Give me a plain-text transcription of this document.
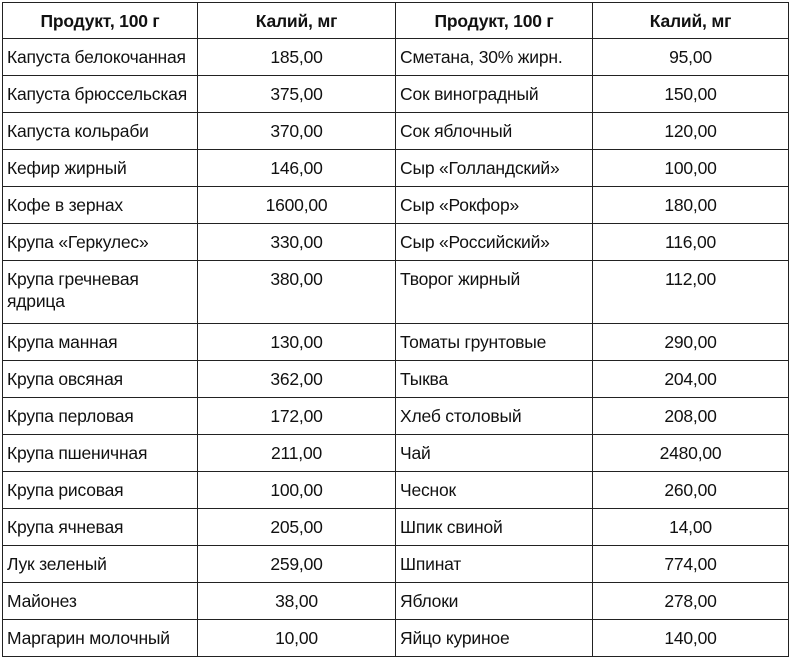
Продукт, 100 г	Калий, мг	Продукт, 100 г	Калий, мг
Капуста белокочанная	185,00	Сметана, 30% жирн.	95,00
Капуста брюссельская	375,00	Сок виноградный	150,00
Капуста кольраби	370,00	Сок яблочный	120,00
Кефир жирный	146,00	Сыр «Голландский»	100,00
Кофе в зернах	1600,00	Сыр «Рокфор»	180,00
Крупа «Геркулес»	330,00	Сыр «Российский»	116,00
Крупа гречневая ядрица	380,00	Творог жирный	112,00
Крупа манная	130,00	Томаты грунтовые	290,00
Крупа овсяная	362,00	Тыква	204,00
Крупа перловая	172,00	Хлеб столовый	208,00
Крупа пшеничная	211,00	Чай	2480,00
Крупа рисовая	100,00	Чеснок	260,00
Крупа ячневая	205,00	Шпик свиной	14,00
Лук зеленый	259,00	Шпинат	774,00
Майонез	38,00	Яблоки	278,00
Маргарин молочный	10,00	Яйцо куриное	140,00
